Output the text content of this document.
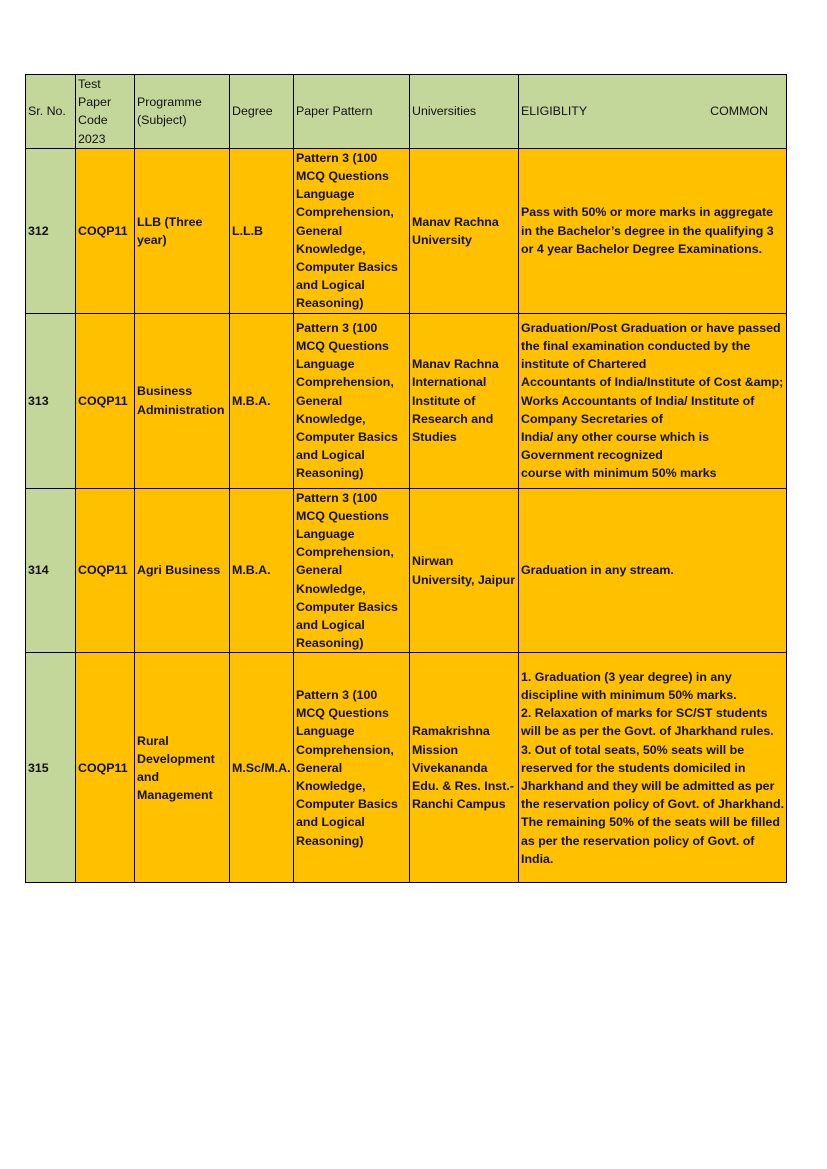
Sr. No.	Test Paper Code 2023	Programme (Subject)	Degree	Paper Pattern	Universities	ELIGIBLITY COMMON

312	COQP11	LLB (Three year)	L.L.B	Pattern 3 (100 MCQ Questions Language Comprehension, General Knowledge, Computer Basics and Logical Reasoning)	Manav Rachna University	Pass with 50% or more marks in aggregate in the Bachelor’s degree in the qualifying 3 or 4 year Bachelor Degree Examinations.

313	COQP11	Business Administration	M.B.A.	Pattern 3 (100 MCQ Questions Language Comprehension, General Knowledge, Computer Basics and Logical Reasoning)	Manav Rachna International Institute of Research and Studies	Graduation/Post Graduation or have passed the final examination conducted by the institute of Chartered
Accountants of India/Institute of Cost &amp; Works Accountants of India/ Institute of Company Secretaries of
India/ any other course which is Government recognized
course with minimum 50% marks

314	COQP11	Agri Business	M.B.A.	Pattern 3 (100 MCQ Questions Language Comprehension, General Knowledge, Computer Basics and Logical Reasoning)	Nirwan University, Jaipur	Graduation in any stream.

315	COQP11	Rural Development and Management	M.Sc/M.A.	Pattern 3 (100 MCQ Questions Language Comprehension, General Knowledge, Computer Basics and Logical Reasoning)	Ramakrishna Mission Vivekananda Edu. & Res. Inst.- Ranchi Campus	1. Graduation (3 year degree) in any discipline with minimum 50% marks.
2. Relaxation of marks for SC/ST students will be as per the Govt. of Jharkhand rules.
3. Out of total seats, 50% seats will be reserved for the students domiciled in Jharkhand and they will be admitted as per the reservation policy of Govt. of Jharkhand. The remaining 50% of the seats will be filled as per the reservation policy of Govt. of India.
